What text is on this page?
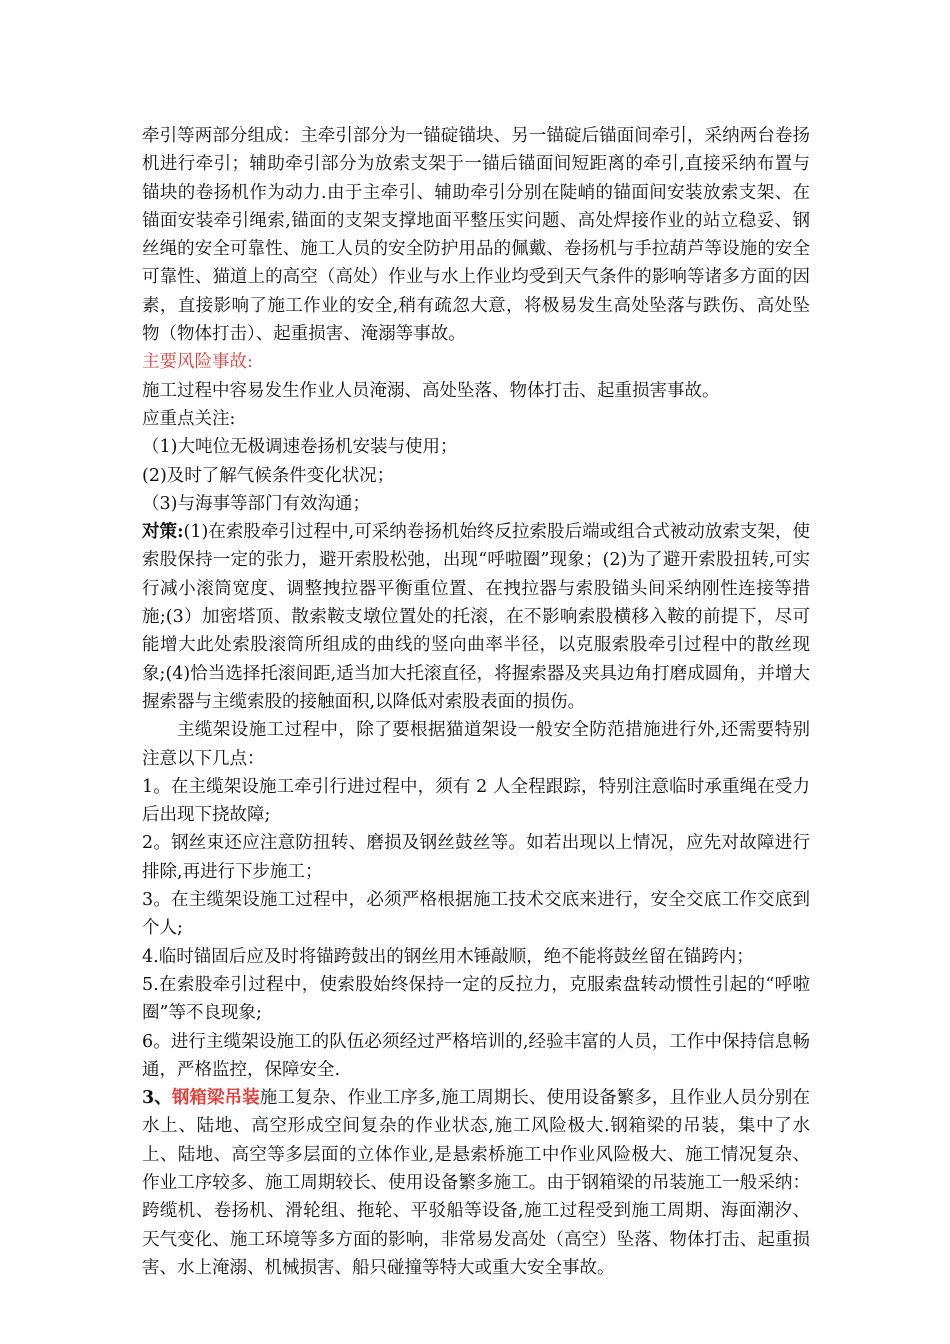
牵引等两部分组成：主牵引部分为一锚碇锚块、另一锚碇后锚面间牵引，采纳两台卷扬机进行牵引；辅助牵引部分为放索支架于一锚后锚面间短距离的牵引,直接采纳布置与锚块的卷扬机作为动力.由于主牵引、辅助牵引分别在陡峭的锚面间安装放索支架、在锚面安装牵引绳索,锚面的支架支撑地面平整压实问题、高处焊接作业的站立稳妥、钢丝绳的安全可靠性、施工人员的安全防护用品的佩戴、卷扬机与手拉葫芦等设施的安全可靠性、猫道上的高空（高处）作业与水上作业均受到天气条件的影响等诸多方面的因素，直接影响了施工作业的安全,稍有疏忽大意，将极易发生高处坠落与跌伤、高处坠物（物体打击）、起重损害、淹溺等事故。

主要风险事故:

施工过程中容易发生作业人员淹溺、高处坠落、物体打击、起重损害事故。

应重点关注:

（1)大吨位无极调速卷扬机安装与使用；

(2)及时了解气候条件变化状况；

（3)与海事等部门有效沟通；

对策:(1)在索股牵引过程中,可采纳卷扬机始终反拉索股后端或组合式被动放索支架，使索股保持一定的张力，避开索股松弛，出现“呼啦圈”现象；(2)为了避开索股扭转,可实行减小滚筒宽度、调整拽拉器平衡重位置、在拽拉器与索股锚头间采纳刚性连接等措施;(3）加密塔顶、散索鞍支墩位置处的托滚，在不影响索股横移入鞍的前提下，尽可能增大此处索股滚筒所组成的曲线的竖向曲率半径，以克服索股牵引过程中的散丝现象;(4)恰当选择托滚间距,适当加大托滚直径，将握索器及夹具边角打磨成圆角，并增大握索器与主缆索股的接触面积,以降低对索股表面的损伤。

主缆架设施工过程中，除了要根据猫道架设一般安全防范措施进行外,还需要特别注意以下几点：

1。在主缆架设施工牵引行进过程中，须有 2 人全程跟踪，特别注意临时承重绳在受力后出现下挠故障;

2。钢丝束还应注意防扭转、磨损及钢丝鼓丝等。如若出现以上情况，应先对故障进行排除,再进行下步施工；

3。在主缆架设施工过程中，必须严格根据施工技术交底来进行，安全交底工作交底到个人;

4.临时锚固后应及时将锚跨鼓出的钢丝用木锤敲顺，绝不能将鼓丝留在锚跨内；

5.在索股牵引过程中，使索股始终保持一定的反拉力，克服索盘转动惯性引起的“呼啦圈”等不良现象;

6。进行主缆架设施工的队伍必须经过严格培训的,经验丰富的人员，工作中保持信息畅通，严格监控，保障安全.

3、钢箱梁吊装施工复杂、作业工序多,施工周期长、使用设备繁多，且作业人员分别在水上、陆地、高空形成空间复杂的作业状态,施工风险极大.钢箱梁的吊装，集中了水上、陆地、高空等多层面的立体作业,是悬索桥施工中作业风险极大、施工情况复杂、作业工序较多、施工周期较长、使用设备繁多施工。由于钢箱梁的吊装施工一般采纳：跨缆机、卷扬机、滑轮组、拖轮、平驳船等设备,施工过程受到施工周期、海面潮汐、天气变化、施工环境等多方面的影响，非常易发高处（高空）坠落、物体打击、起重损害、水上淹溺、机械损害、船只碰撞等特大或重大安全事故。
